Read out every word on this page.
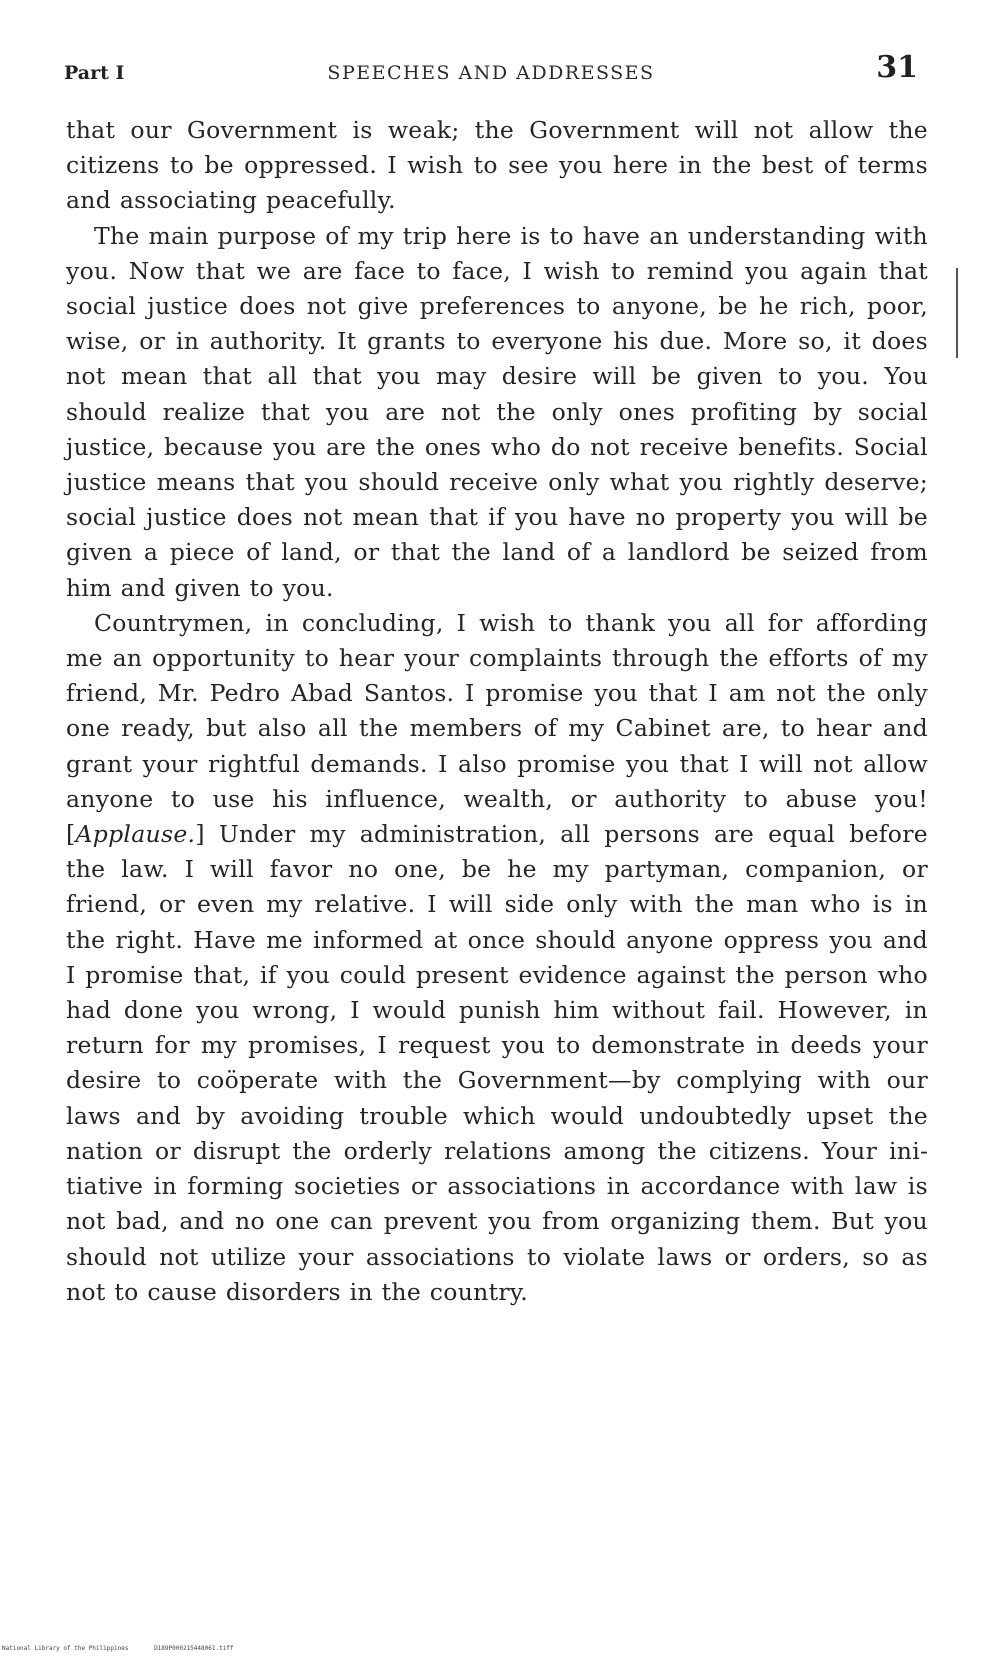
Part I	SPEECHES AND ADDRESSES	31

that our Government is weak; the Government will not allow the citizens to be oppressed. I wish to see you here in the best of terms and associating peacefully.

The main purpose of my trip here is to have an understanding with you. Now that we are face to face, I wish to remind you again that social justice does not give preferences to anyone, be he rich, poor, wise, or in authority. It grants to everyone his due. More so, it does not mean that all that you may desire will be given to you. You should realize that you are not the only ones profiting by social justice, because you are the ones who do not receive benefits. Social justice means that you should receive only what you rightly deserve; social justice does not mean that if you have no property you will be given a piece of land, or that the land of a landlord be seized from him and given to you.

Countrymen, in concluding, I wish to thank you all for affording me an opportunity to hear your complaints through the efforts of my friend, Mr. Pedro Abad Santos. I promise you that I am not the only one ready, but also all the members of my Cabinet are, to hear and grant your rightful demands. I also promise you that I will not allow anyone to use his influence, wealth, or authority to abuse you! [Applause.] Under my administration, all persons are equal before the law. I will favor no one, be he my partyman, companion, or friend, or even my relative. I will side only with the man who is in the right. Have me informed at once should anyone oppress you and I promise that, if you could present evidence against the person who had done you wrong, I would punish him without fail. However, in return for my promises, I request you to demonstrate in deeds your desire to coöperate with the Government—by complying with our laws and by avoiding trouble which would undoubtedly upset the nation or disrupt the orderly relations among the citizens. Your initiative in forming societies or associations in accordance with law is not bad, and no one can prevent you from organizing them. But you should not utilize your associations to violate laws or orders, so as not to cause disorders in the country.

National Library of the Philippines	D189P000215448061.tiff
